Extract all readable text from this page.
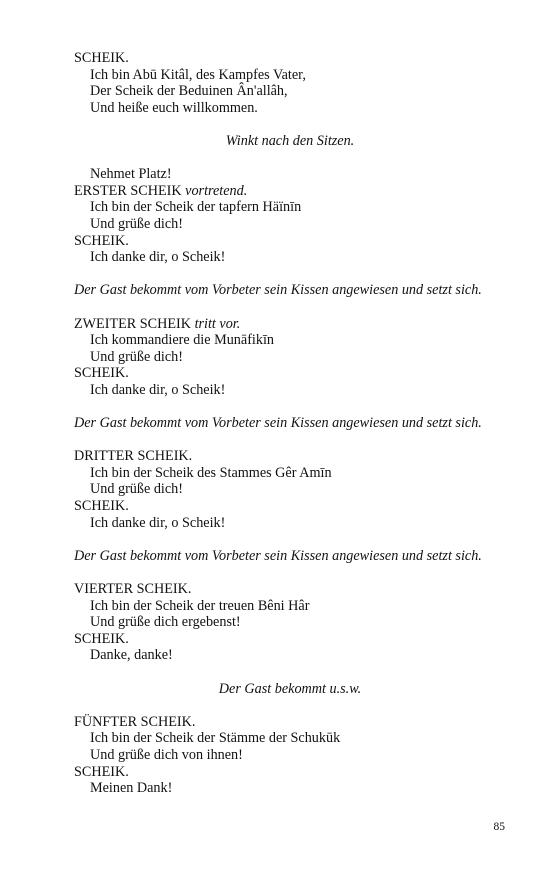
SCHEIK.
Ich bin Abū Kitâl, des Kampfes Vater,
Der Scheik der Beduinen Ân'allâh,
Und heiße euch willkommen.
Winkt nach den Sitzen.
Nehmet Platz!
ERSTER SCHEIK vortretend.
Ich bin der Scheik der tapfern Häïnīn
Und grüße dich!
SCHEIK.
Ich danke dir, o Scheik!
Der Gast bekommt vom Vorbeter sein Kissen angewiesen und setzt sich.
ZWEITER SCHEIK tritt vor.
Ich kommandiere die Munāfikīn
Und grüße dich!
SCHEIK.
Ich danke dir, o Scheik!
Der Gast bekommt vom Vorbeter sein Kissen angewiesen und setzt sich.
DRITTER SCHEIK.
Ich bin der Scheik des Stammes Gêr Amīn
Und grüße dich!
SCHEIK.
Ich danke dir, o Scheik!
Der Gast bekommt vom Vorbeter sein Kissen angewiesen und setzt sich.
VIERTER SCHEIK.
Ich bin der Scheik der treuen Bêni Hâr
Und grüße dich ergebenst!
SCHEIK.
Danke, danke!
Der Gast bekommt u.s.w.
FÜNFTER SCHEIK.
Ich bin der Scheik der Stämme der Schukūk
Und grüße dich von ihnen!
SCHEIK.
Meinen Dank!
85
